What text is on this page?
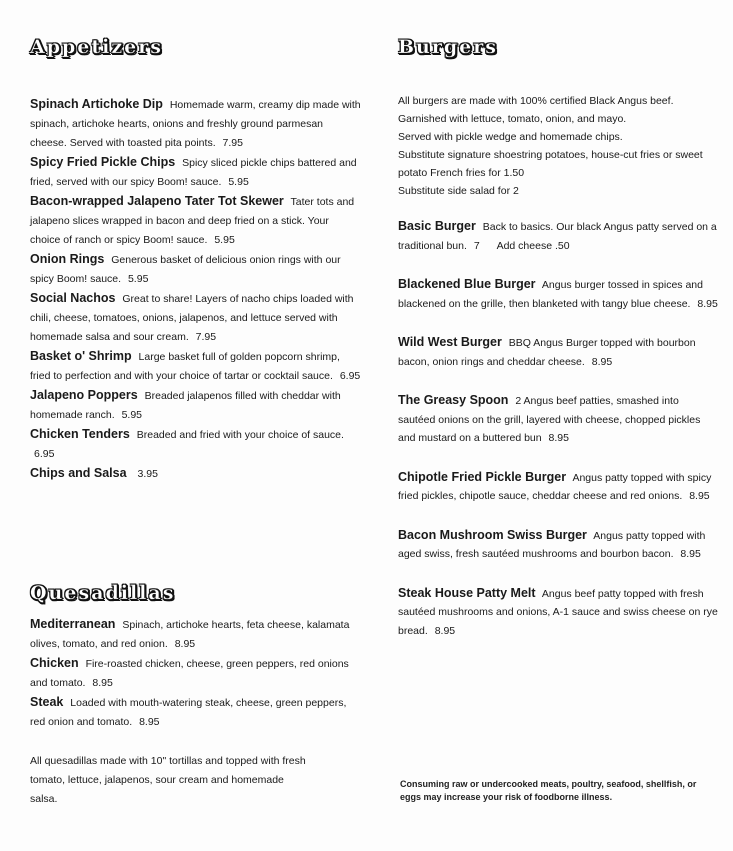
Appetizers
Spinach Artichoke Dip Homemade warm, creamy dip made with spinach, artichoke hearts, onions and freshly ground parmesan cheese. Served with toasted pita points. 7.95
Spicy Fried Pickle Chips Spicy sliced pickle chips battered and fried, served with our spicy Boom! sauce. 5.95
Bacon-wrapped Jalapeno Tater Tot Skewer Tater tots and jalapeno slices wrapped in bacon and deep fried on a stick. Your choice of ranch or spicy Boom! sauce. 5.95
Onion Rings Generous basket of delicious onion rings with our spicy Boom! sauce. 5.95
Social Nachos Great to share! Layers of nacho chips loaded with chili, cheese, tomatoes, onions, jalapenos, and lettuce served with homemade salsa and sour cream. 7.95
Basket o' Shrimp Large basket full of golden popcorn shrimp, fried to perfection and with your choice of tartar or cocktail sauce. 6.95
Jalapeno Poppers Breaded jalapenos filled with cheddar with homemade ranch. 5.95
Chicken Tenders Breaded and fried with your choice of sauce. 6.95
Chips and Salsa 3.95
Quesadillas
Mediterranean Spinach, artichoke hearts, feta cheese, kalamata olives, tomato, and red onion. 8.95
Chicken Fire-roasted chicken, cheese, green peppers, red onions and tomato. 8.95
Steak Loaded with mouth-watering steak, cheese, green peppers, red onion and tomato. 8.95
All quesadillas made with 10" tortillas and topped with fresh tomato, lettuce, jalapenos, sour cream and homemade salsa.
Burgers
All burgers are made with 100% certified Black Angus beef. Garnished with lettuce, tomato, onion, and mayo.
Served with pickle wedge and homemade chips.
Substitute signature shoestring potatoes, house-cut fries or sweet potato French fries for 1.50
Substitute side salad for 2
Basic Burger Back to basics. Our black Angus patty served on a traditional bun. 7 Add cheese .50
Blackened Blue Burger Angus burger tossed in spices and blackened on the grille, then blanketed with tangy blue cheese. 8.95
Wild West Burger BBQ Angus Burger topped with bourbon bacon, onion rings and cheddar cheese. 8.95
The Greasy Spoon 2 Angus beef patties, smashed into sautéed onions on the grill, layered with cheese, chopped pickles and mustard on a buttered bun 8.95
Chipotle Fried Pickle Burger Angus patty topped with spicy fried pickles, chipotle sauce, cheddar cheese and red onions. 8.95
Bacon Mushroom Swiss Burger Angus patty topped with aged swiss, fresh sautéed mushrooms and bourbon bacon. 8.95
Steak House Patty Melt Angus beef patty topped with fresh sautéed mushrooms and onions, A-1 sauce and swiss cheese on rye bread. 8.95
Consuming raw or undercooked meats, poultry, seafood, shellfish, or eggs may increase your risk of foodborne illness.
